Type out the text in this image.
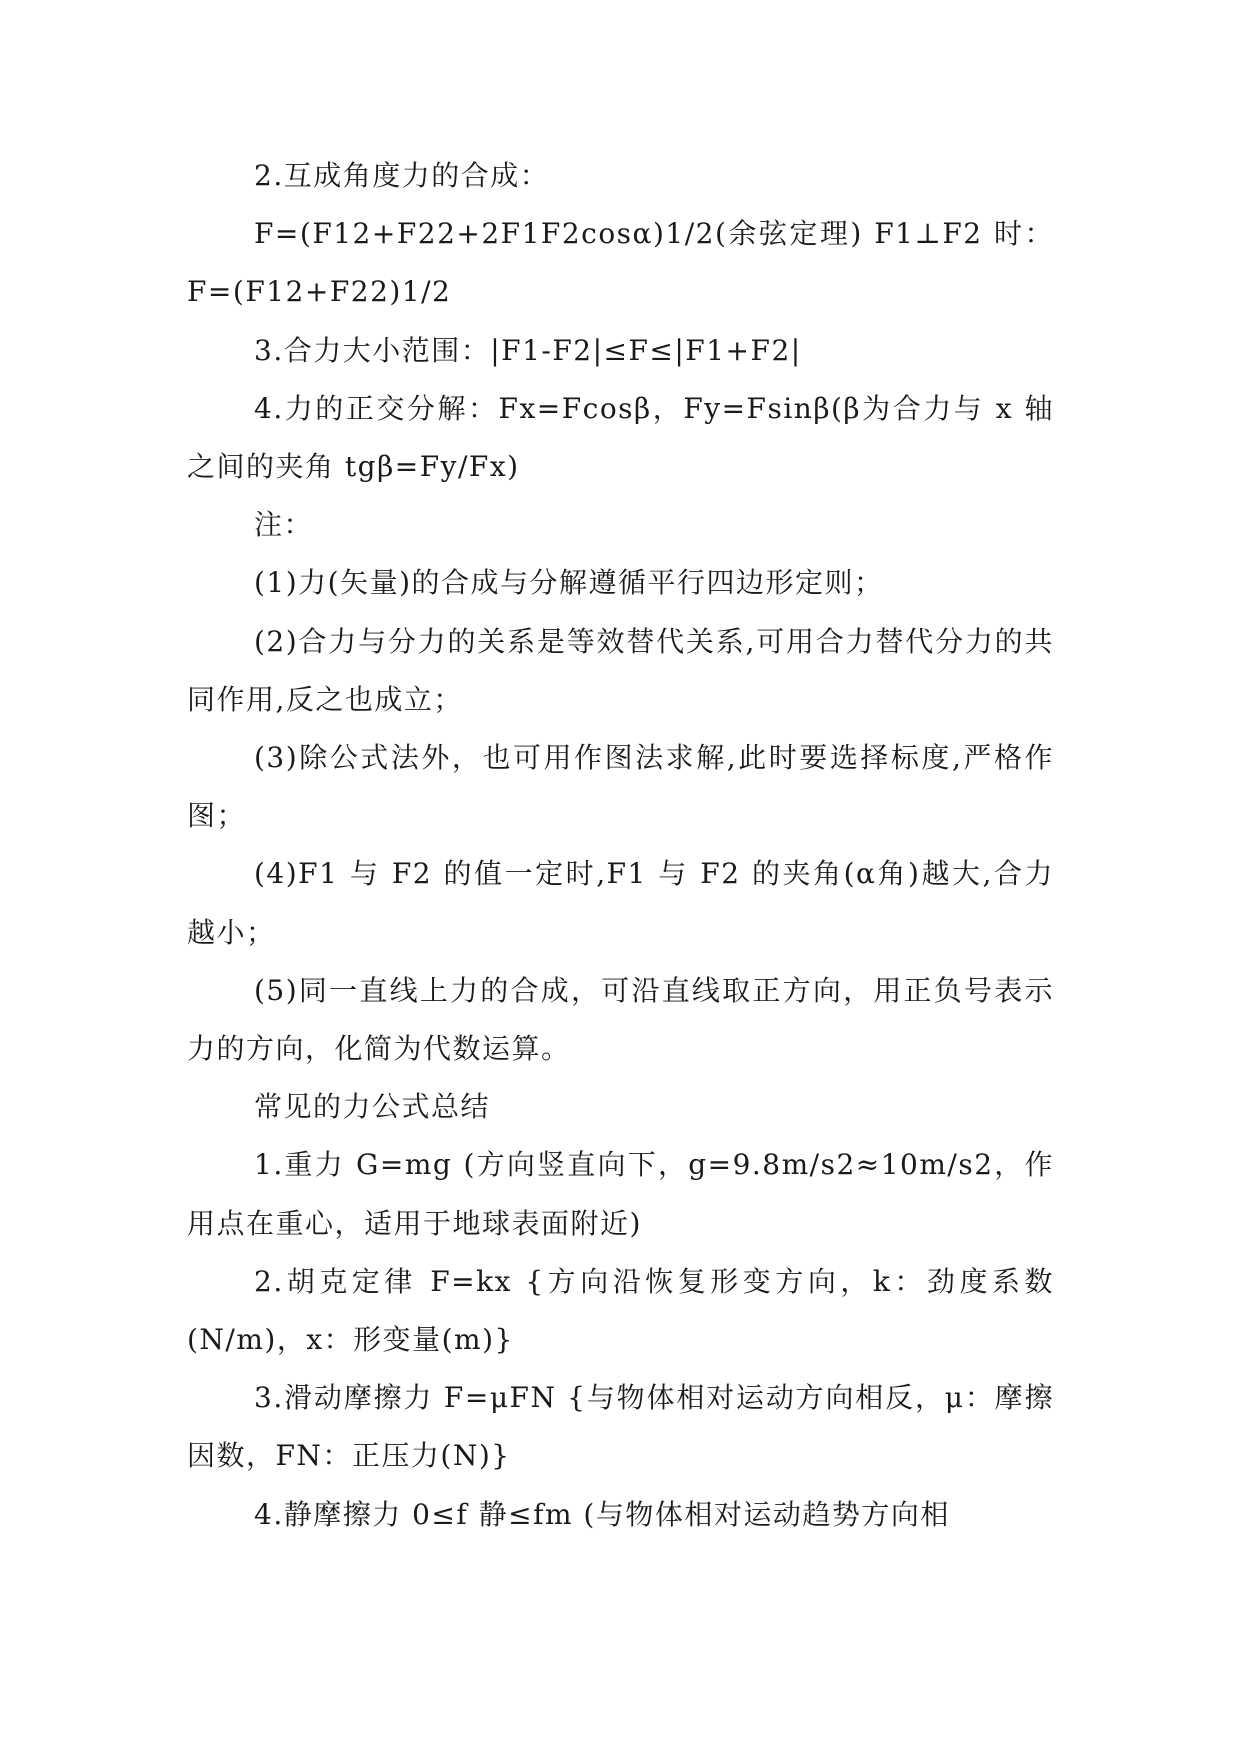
2.互成角度力的合成：

F=(F12+F22+2F1F2cosα)1/2(余弦定理) F1⊥F2 时：F=(F12+F22)1/2

3.合力大小范围：|F1-F2|≤F≤|F1+F2|

4.力的正交分解：Fx=Fcosβ，Fy=Fsinβ(β为合力与 x 轴之间的夹角 tgβ=Fy/Fx)

注：

(1)力(矢量)的合成与分解遵循平行四边形定则；

(2)合力与分力的关系是等效替代关系,可用合力替代分力的共同作用,反之也成立；

(3)除公式法外，也可用作图法求解,此时要选择标度,严格作图；

(4)F1 与 F2 的值一定时,F1 与 F2 的夹角(α角)越大,合力越小；

(5)同一直线上力的合成，可沿直线取正方向，用正负号表示力的方向，化简为代数运算。

常见的力公式总结

1.重力 G=mg (方向竖直向下，g=9.8m/s2≈10m/s2，作用点在重心，适用于地球表面附近)

2.胡克定律 F=kx {方向沿恢复形变方向，k：劲度系数(N/m)，x：形变量(m)}

3.滑动摩擦力 F=μFN {与物体相对运动方向相反，μ：摩擦因数，FN：正压力(N)}

4.静摩擦力 0≤f 静≤fm (与物体相对运动趋势方向相
